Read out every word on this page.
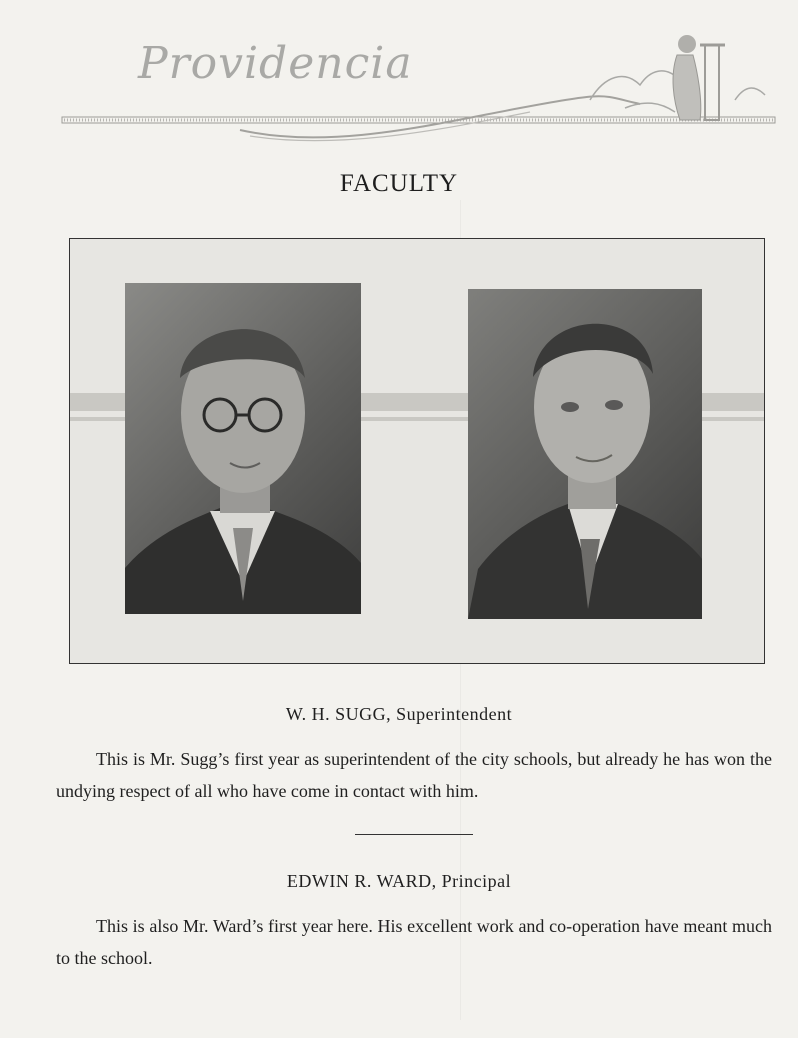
Providencia
FACULTY
W. H. SUGG, Superintendent
This is Mr. Sugg’s first year as superintendent of the city schools, but already he has won the undying respect of all who have come in contact with him.
EDWIN R. WARD, Principal
This is also Mr. Ward’s first year here. His excellent work and co-operation have meant much to the school.
